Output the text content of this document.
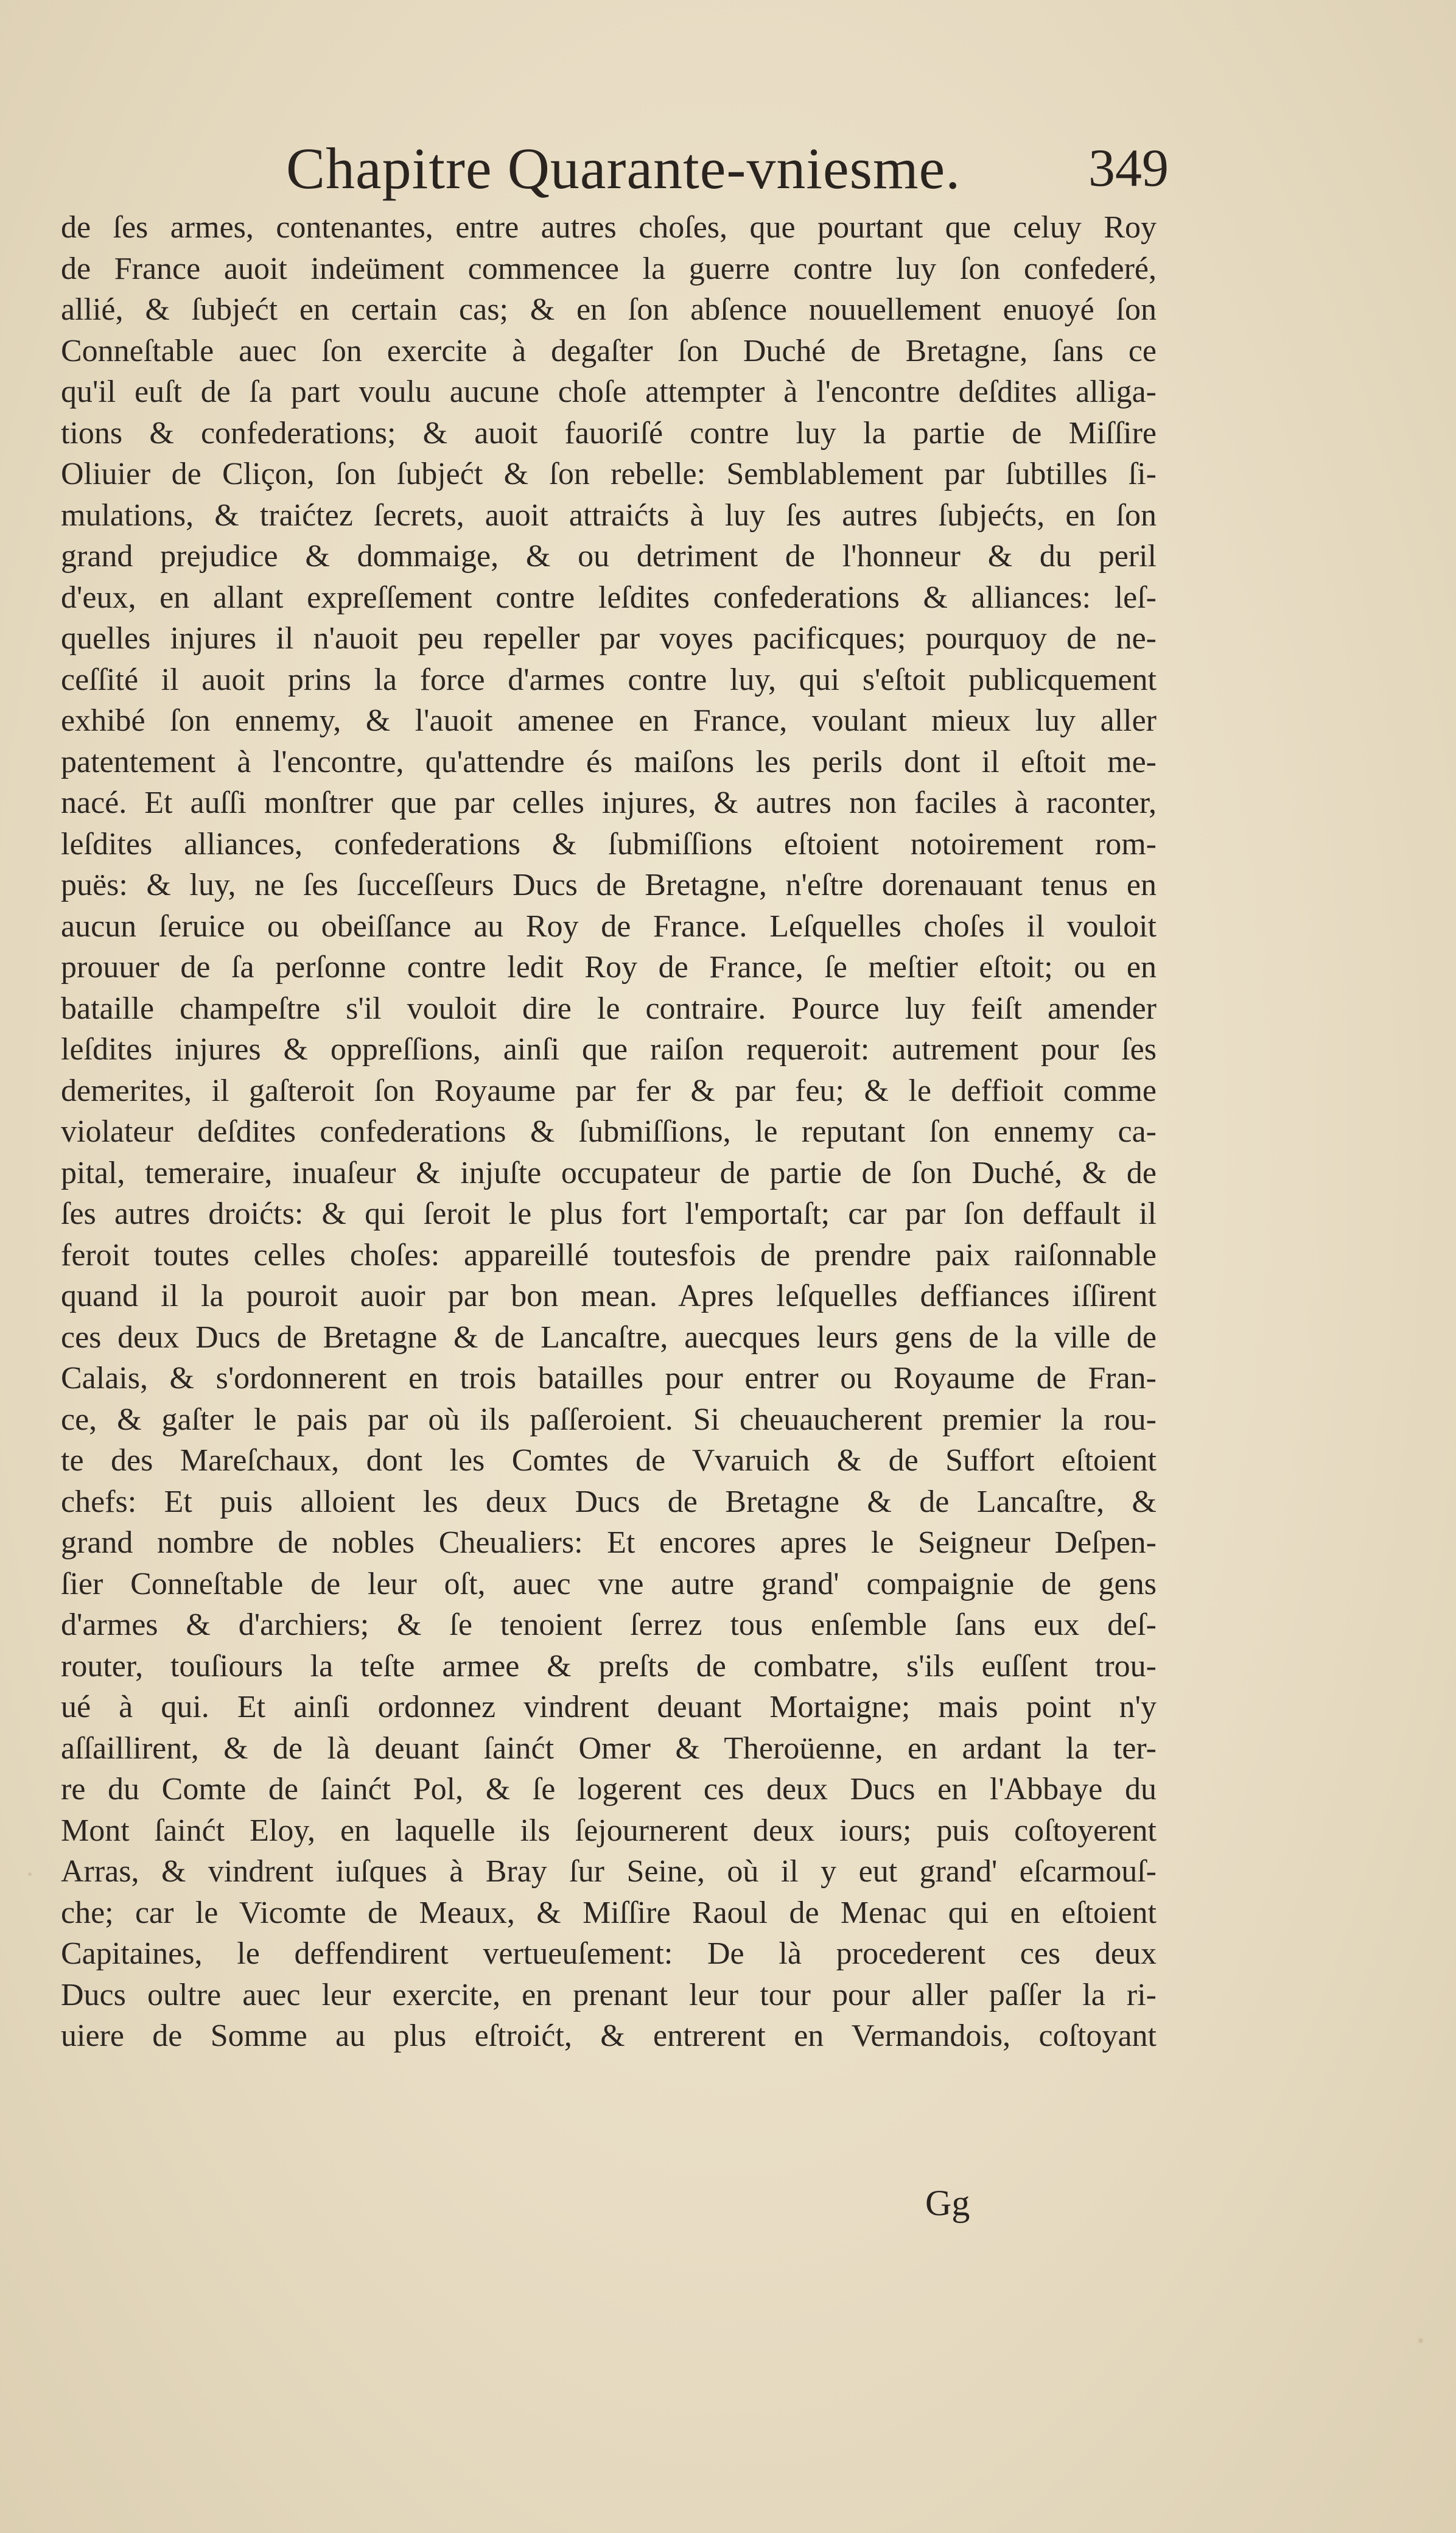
Chapitre Quarante-vniesme. 349
de ſes armes, contenantes, entre autres choſes, que pourtant que celuy Roy
de France auoit indeüment commencee la guerre contre luy ſon confederé,
allié, & ſubjećt en certain cas; & en ſon abſence nouuellement enuoyé ſon
Conneſtable auec ſon exercite à degaſter ſon Duché de Bretagne, ſans ce
qu'il euſt de ſa part voulu aucune choſe attempter à l'encontre deſdites alliga-
tions & confederations; & auoit fauoriſé contre luy la partie de Miſſire
Oliuier de Cliçon, ſon ſubjećt & ſon rebelle: Semblablement par ſubtilles ſi-
mulations, & traićtez ſecrets, auoit attraićts à luy ſes autres ſubjećts, en ſon
grand prejudice & dommaige, & ou detriment de l'honneur & du peril
d'eux, en allant expreſſement contre leſdites confederations & alliances: leſ-
quelles injures il n'auoit peu repeller par voyes pacificques; pourquoy de ne-
ceſſité il auoit prins la force d'armes contre luy, qui s'eſtoit publicquement
exhibé ſon ennemy, & l'auoit amenee en France, voulant mieux luy aller
patentement à l'encontre, qu'attendre és maiſons les perils dont il eſtoit me-
nacé. Et auſſi monſtrer que par celles injures, & autres non faciles à raconter,
leſdites alliances, confederations & ſubmiſſions eſtoient notoirement rom-
puës: & luy, ne ſes ſucceſſeurs Ducs de Bretagne, n'eſtre dorenauant tenus en
aucun ſeruice ou obeiſſance au Roy de France. Leſquelles choſes il vouloit
prouuer de ſa perſonne contre ledit Roy de France, ſe meſtier eſtoit; ou en
bataille champeſtre s'il vouloit dire le contraire. Pource luy feiſt amender
leſdites injures & oppreſſions, ainſi que raiſon requeroit: autrement pour ſes
demerites, il gaſteroit ſon Royaume par fer & par feu; & le deffioit comme
violateur deſdites confederations & ſubmiſſions, le reputant ſon ennemy ca-
pital, temeraire, inuaſeur & injuſte occupateur de partie de ſon Duché, & de
ſes autres droićts: & qui ſeroit le plus fort l'emportaſt; car par ſon deffault il
feroit toutes celles choſes: appareillé toutesfois de prendre paix raiſonnable
quand il la pouroit auoir par bon mean. Apres leſquelles deffiances iſſirent
ces deux Ducs de Bretagne & de Lancaſtre, auecques leurs gens de la ville de
Calais, & s'ordonnerent en trois batailles pour entrer ou Royaume de Fran-
ce, & gaſter le pais par où ils paſſeroient. Si cheuaucherent premier la rou-
te des Mareſchaux, dont les Comtes de Vvaruich & de Suffort eſtoient
chefs: Et puis alloient les deux Ducs de Bretagne & de Lancaſtre, &
grand nombre de nobles Cheualiers: Et encores apres le Seigneur Deſpen-
ſier Conneſtable de leur oſt, auec vne autre grand' compaignie de gens
d'armes & d'archiers; & ſe tenoient ſerrez tous enſemble ſans eux deſ-
router, touſiours la teſte armee & preſts de combatre, s'ils euſſent trou-
ué à qui. Et ainſi ordonnez vindrent deuant Mortaigne; mais point n'y
aſſaillirent, & de là deuant ſainćt Omer & Theroüenne, en ardant la ter-
re du Comte de ſainćt Pol, & ſe logerent ces deux Ducs en l'Abbaye du
Mont ſainćt Eloy, en laquelle ils ſejournerent deux iours; puis coſtoyerent
Arras, & vindrent iuſques à Bray ſur Seine, où il y eut grand' eſcarmouſ-
che; car le Vicomte de Meaux, & Miſſire Raoul de Menac qui en eſtoient
Capitaines, le deffendirent vertueuſement: De là procederent ces deux
Ducs oultre auec leur exercite, en prenant leur tour pour aller paſſer la ri-
uiere de Somme au plus eſtroićt, & entrerent en Vermandois, coſtoyant
Gg
